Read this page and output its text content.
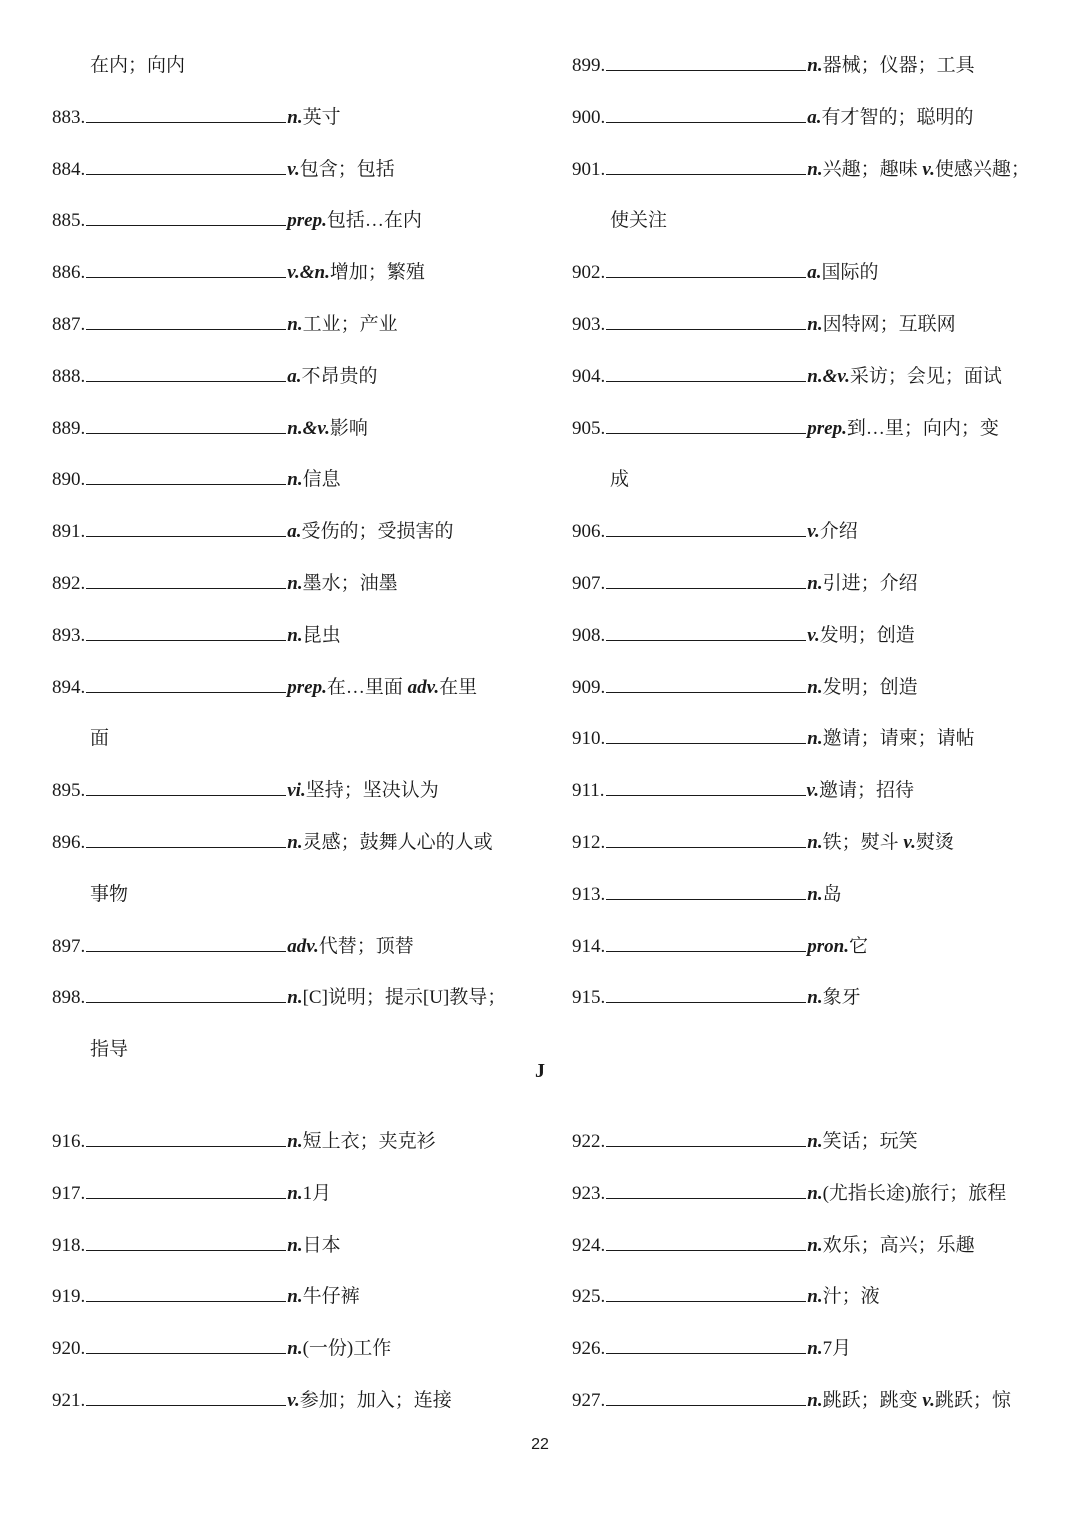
在内；向内
883.	n.英寸
884.	v.包含；包括
885.	prep.包括…在内
886.	v.&n.增加；繁殖
887.	n.工业；产业
888.	a.不昂贵的
889.	n.&v.影响
890.	n.信息
891.	a.受伤的；受损害的
892.	n.墨水；油墨
893.	n.昆虫
894.	prep.在…里面 adv.在里
面
895.	vi.坚持；坚决认为
896.	n.灵感；鼓舞人心的人或
事物
897.	adv.代替；顶替
898.	n.[C]说明；提示[U]教导；
指导
899.	n.器械；仪器；工具
900.	a.有才智的；聪明的
901.	n.兴趣；趣味 v.使感兴趣；
使关注
902.	a.国际的
903.	n.因特网；互联网
904.	n.&v.采访；会见；面试
905.	prep.到…里；向内；变
成
906.	v.介绍
907.	n.引进；介绍
908.	v.发明；创造
909.	n.发明；创造
910.	n.邀请；请柬；请帖
911.	v.邀请；招待
912.	n.铁；熨斗 v.熨烫
913.	n.岛
914.	pron.它
915.	n.象牙
J
916.	n.短上衣；夹克衫
917.	n.1月
918.	n.日本
919.	n.牛仔裤
920.	n.(一份)工作
921.	v.参加；加入；连接
922.	n.笑话；玩笑
923.	n.(尤指长途)旅行；旅程
924.	n.欢乐；高兴；乐趣
925.	n.汁；液
926.	n.7月
927.	n.跳跃；跳变 v.跳跃；惊
22
